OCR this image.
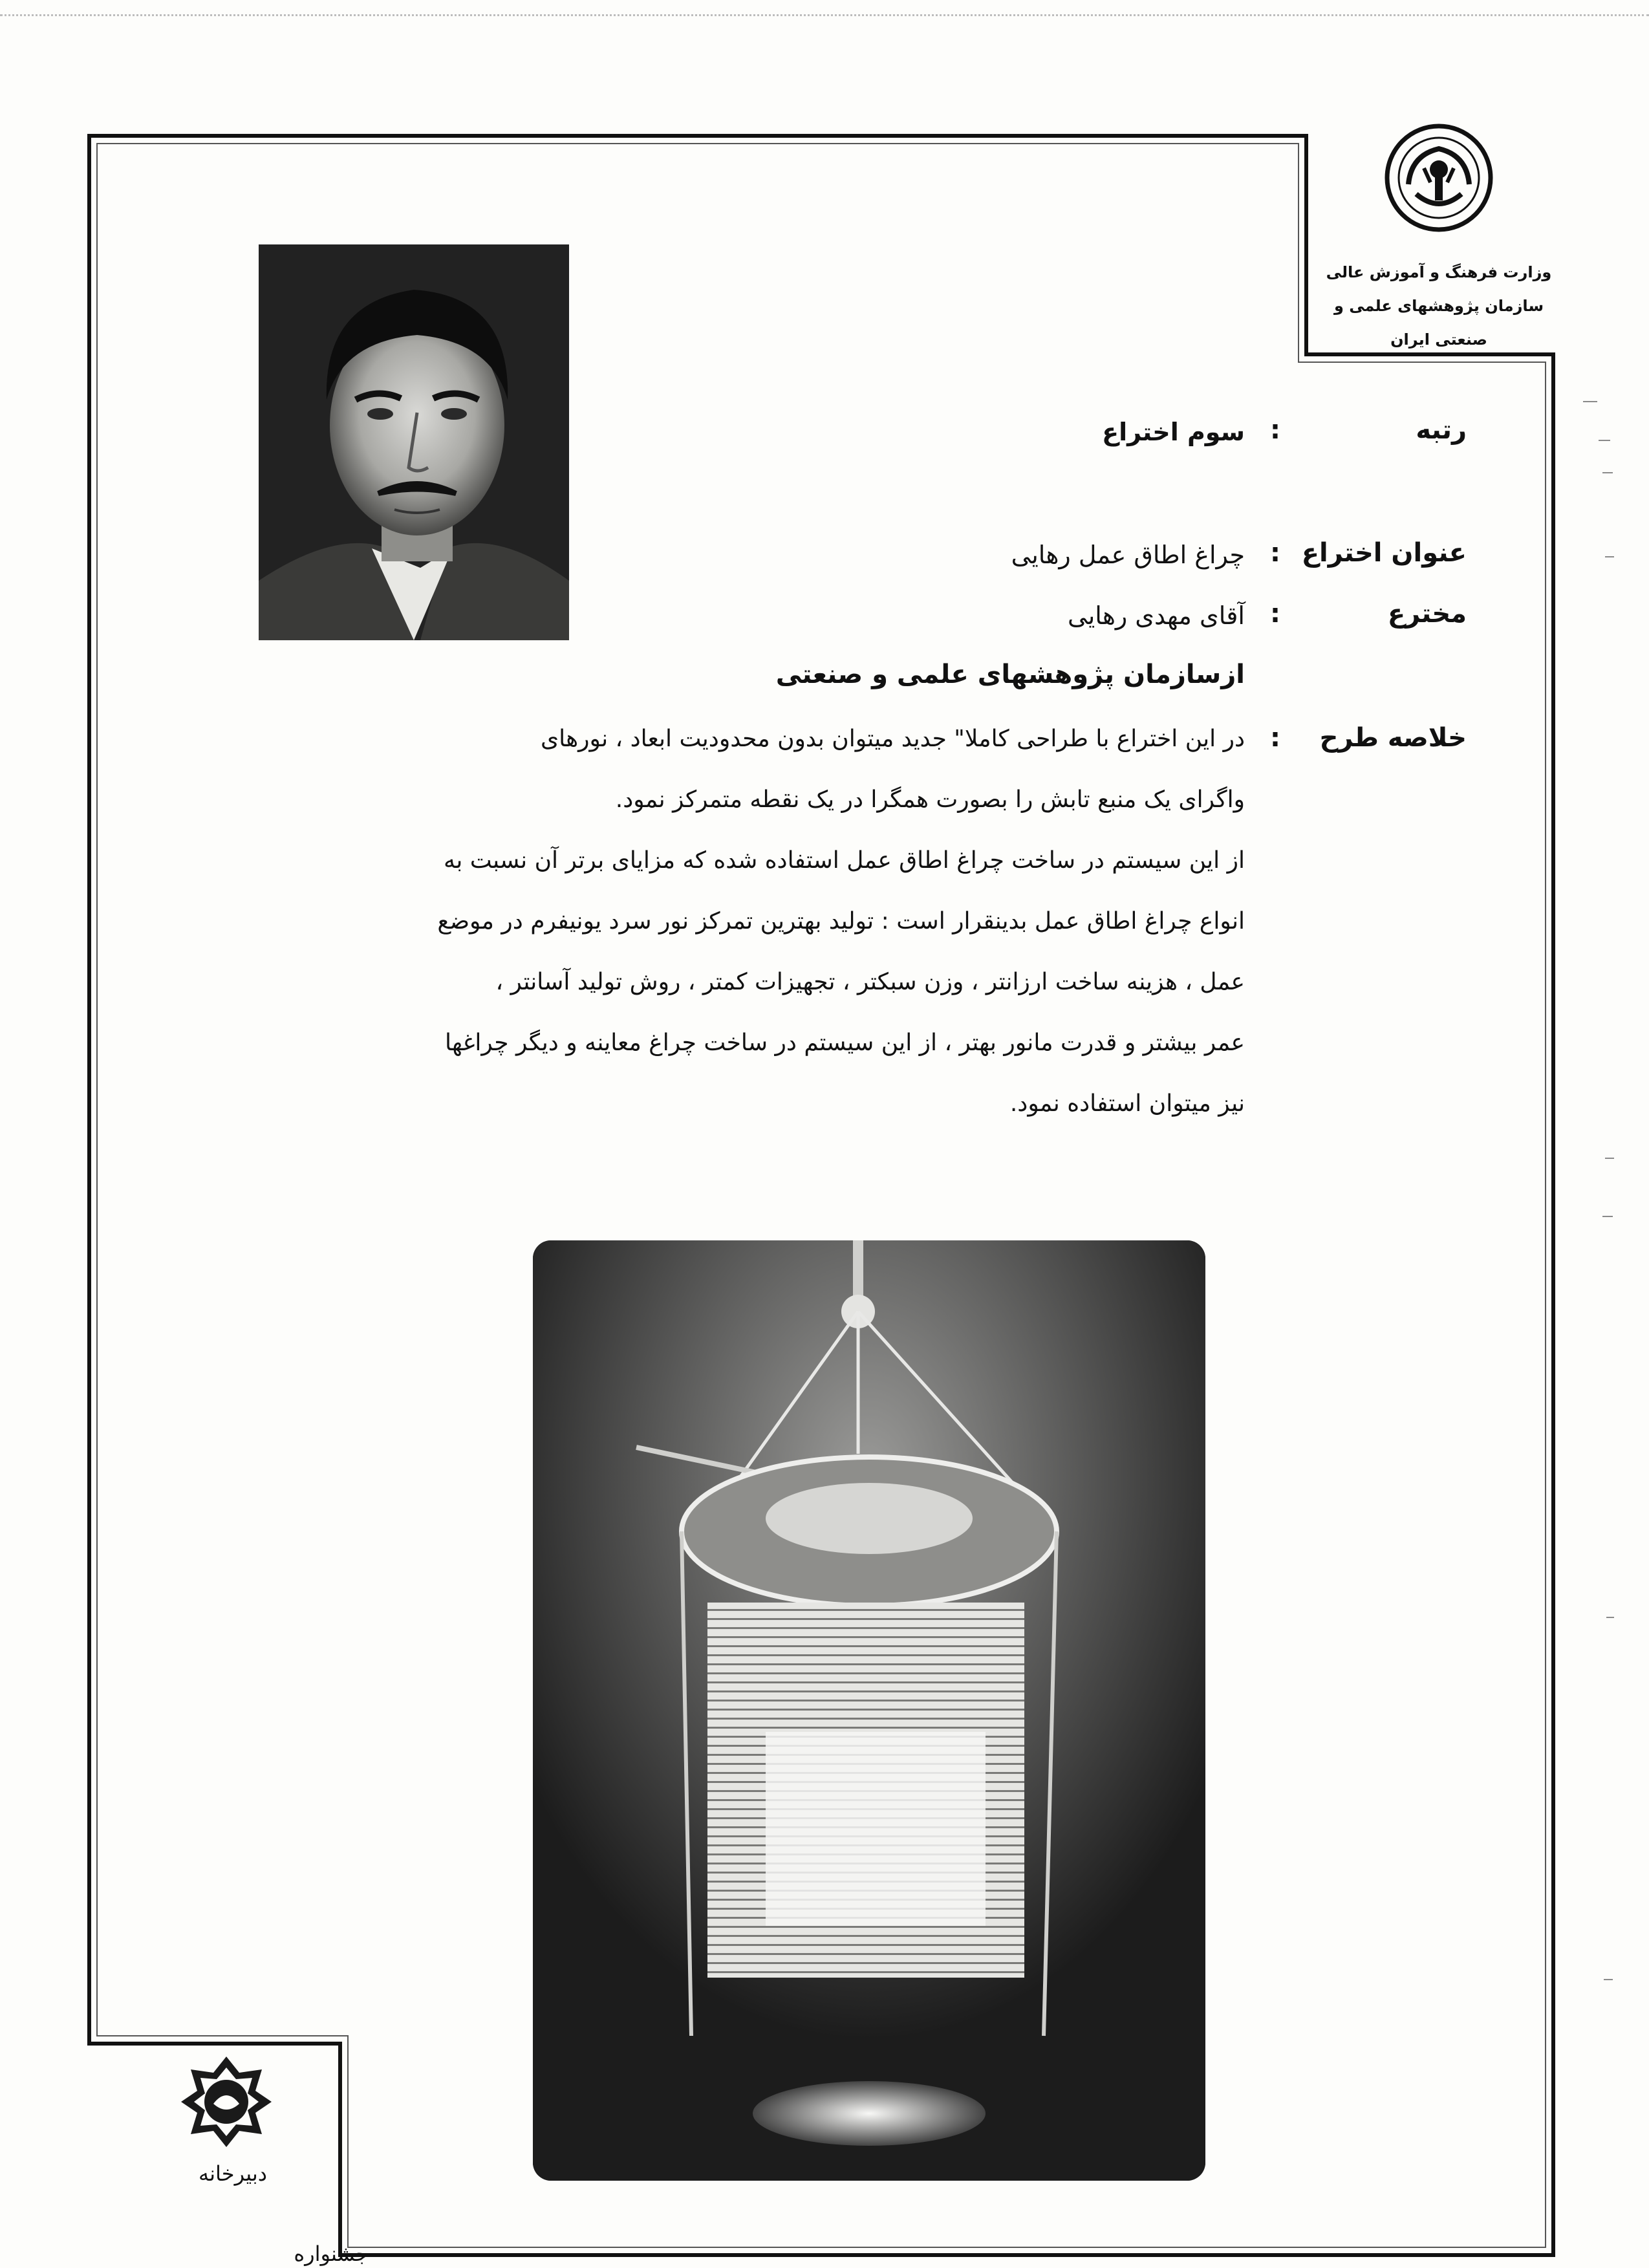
وزارت فرهنگ و آموزش عالی
سازمان پژوهشهای علمی و صنعتی ایران
رتبه
:
سوم اختراع
عنوان اختراع
:
چراغ اطاق عمل رهایی
مخترع
:
آقای مهدی رهایی
ازسازمان پژوهشهای علمی و صنعتی
خلاصه طرح
:
در این اختراع با طراحی کاملا" جدید میتوان بدون محدودیت ابعاد ، نورهای
واگرای یک منبع تابش را بصورت همگرا در یک نقطه متمرکز نمود.
از این سیستم در ساخت چراغ اطاق عمل استفاده شده که مزایای برتر آن نسبت به
انواع چراغ اطاق عمل بدینقرار است : تولید بهترین تمرکز نور سرد یونیفرم در موضع
عمل ، هزینه ساخت ارزانتر ، وزن سبکتر ، تجهیزات کمتر ، روش تولید آسانتر ،
عمر بیشتر و قدرت مانور بهتر ، از این سیستم در ساخت چراغ معاینه و دیگر چراغها
نیز میتوان استفاده نمود.
دبیرخانه
جشنواره
